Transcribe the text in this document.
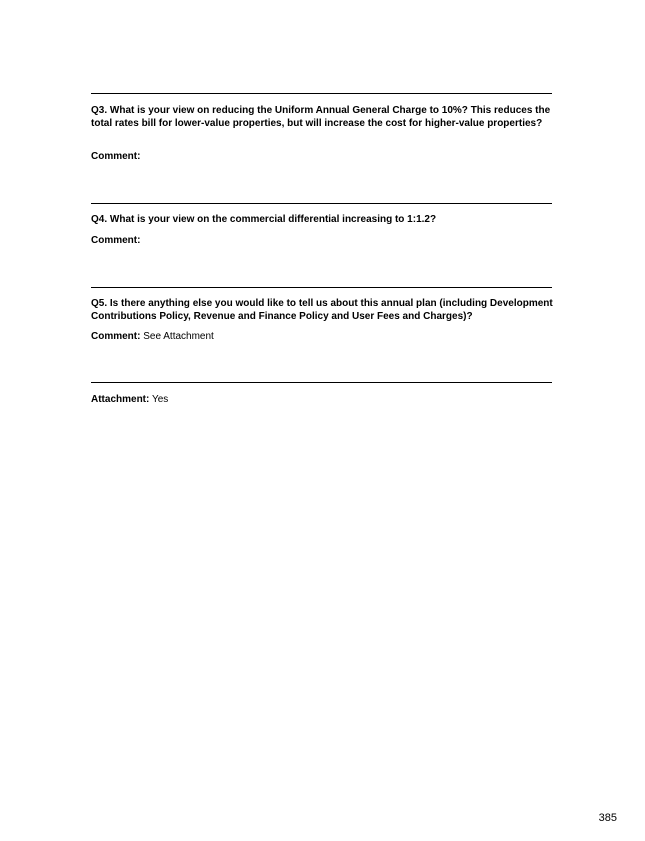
Q3. What is your view on reducing the Uniform Annual General Charge to 10%? This reduces the total rates bill for lower-value properties, but will increase the cost for higher-value properties?

Comment:

Q4. What is your view on the commercial differential increasing to 1:1.2?

Comment:

Q5. Is there anything else you would like to tell us about this annual plan (including Development Contributions Policy, Revenue and Finance Policy and User Fees and Charges)?

Comment: See Attachment

Attachment: Yes

385
